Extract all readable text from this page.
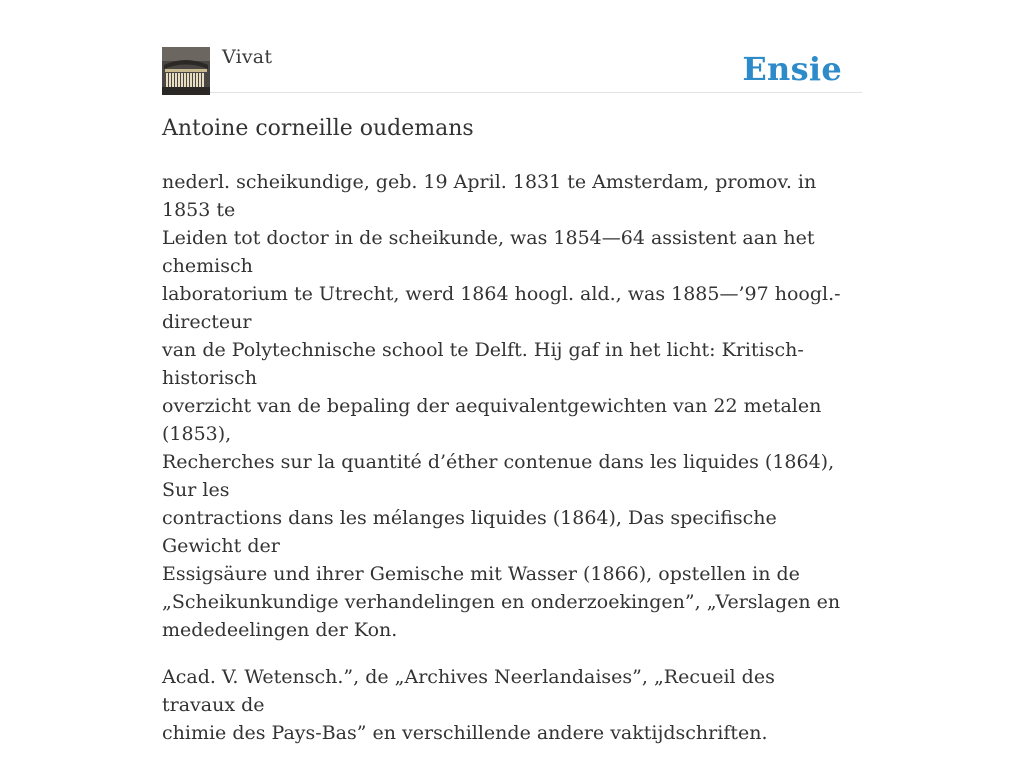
Vivat	Ensie
Antoine corneille oudemans

nederl. scheikundige, geb. 19 April. 1831 te Amsterdam, promov. in 1853 te
Leiden tot doctor in de scheikunde, was 1854—64 assistent aan het chemisch
laboratorium te Utrecht, werd 1864 hoogl. ald., was 1885—’97 hoogl.-directeur
van de Polytechnische school te Delft. Hij gaf in het licht: Kritisch-historisch
overzicht van de bepaling der aequivalentgewichten van 22 metalen (1853),
Recherches sur la quantité d’éther contenue dans les liquides (1864), Sur les
contractions dans les mélanges liquides (1864), Das specifische Gewicht der
Essigsäure und ihrer Gemische mit Wasser (1866), opstellen in de
„Scheikunkundige verhandelingen en onderzoekingen”, „Verslagen en
mededeelingen der Kon.

Acad. V. Wetensch.”, de „Archives Neerlandaises”, „Recueil des travaux de
chimie des Pays-Bas” en verschillende andere vaktijdschriften.
